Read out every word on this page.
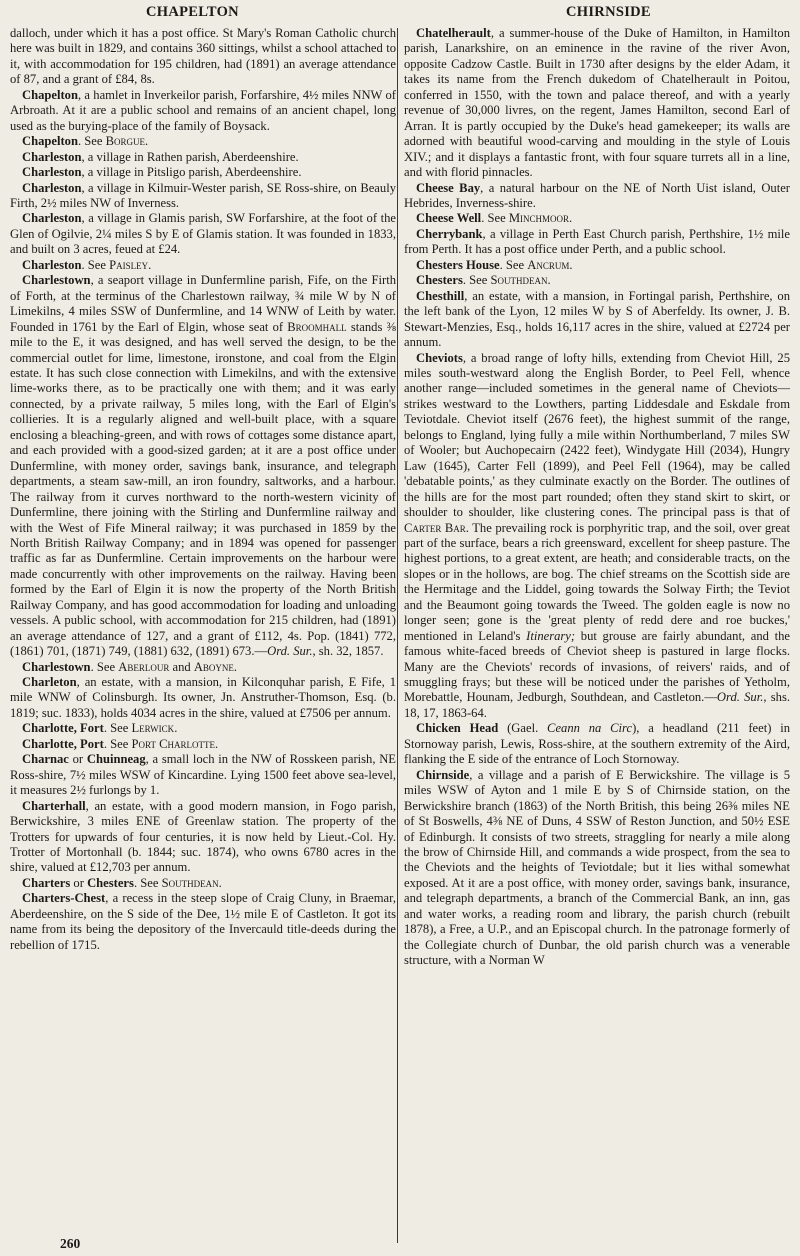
CHAPELTON	CHIRNSIDE

dalloch, under which it has a post office. St Mary's Roman Catholic church here was built in 1829, and contains 360 sittings, whilst a school attached to it, with accommodation for 195 children, had (1891) an average attendance of 87, and a grant of £84, 8s.

Chapelton, a hamlet in Inverkeilor parish, Forfarshire, 4½ miles NNW of Arbroath. At it are a public school and remains of an ancient chapel, long used as the burying-place of the family of Boysack.

Chapelton. See Borgue.

Charleston, a village in Rathen parish, Aberdeenshire.

Charleston, a village in Pitsligo parish, Aberdeenshire.

Charleston, a village in Kilmuir-Wester parish, SE Ross-shire, on Beauly Firth, 2½ miles NW of Inverness.

Charleston, a village in Glamis parish, SW Forfarshire, at the foot of the Glen of Ogilvie, 2¼ miles S by E of Glamis station. It was founded in 1833, and built on 3 acres, feued at £24.

Charleston. See Paisley.

Charlestown, a seaport village in Dunfermline parish, Fife, on the Firth of Forth, at the terminus of the Charlestown railway, ¾ mile W by N of Limekilns, 4 miles SSW of Dunfermline, and 14 WNW of Leith by water. Founded in 1761 by the Earl of Elgin, whose seat of Broomhall stands ⅜ mile to the E, it was designed, and has well served the design, to be the commercial outlet for lime, limestone, ironstone, and coal from the Elgin estate. It has such close connection with Limekilns, and with the extensive lime-works there, as to be practically one with them; and it was early connected, by a private railway, 5 miles long, with the Earl of Elgin's collieries. It is a regularly aligned and well-built place, with a square enclosing a bleaching-green, and with rows of cottages some distance apart, and each provided with a good-sized garden; at it are a post office under Dunfermline, with money order, savings bank, insurance, and telegraph departments, a steam saw-mill, an iron foundry, saltworks, and a harbour. The railway from it curves northward to the north-western vicinity of Dunfermline, there joining with the Stirling and Dunfermline railway and with the West of Fife Mineral railway; it was purchased in 1859 by the North British Railway Company; and in 1894 was opened for passenger traffic as far as Dunfermline. Certain improvements on the harbour were made concurrently with other improvements on the railway. Having been formed by the Earl of Elgin it is now the property of the North British Railway Company, and has good accommodation for loading and unloading vessels. A public school, with accommodation for 215 children, had (1891) an average attendance of 127, and a grant of £112, 4s. Pop. (1841) 772, (1861) 701, (1871) 749, (1881) 632, (1891) 673.—Ord. Sur., sh. 32, 1857.

Charlestown. See Aberlour and Aboyne.

Charleton, an estate, with a mansion, in Kilconquhar parish, E Fife, 1 mile WNW of Colinsburgh. Its owner, Jn. Anstruther-Thomson, Esq. (b. 1819; suc. 1833), holds 4034 acres in the shire, valued at £7506 per annum.

Charlotte, Fort. See Lerwick.

Charlotte, Port. See Port Charlotte.

Charnac or Chuinneag, a small loch in the NW of Rosskeen parish, NE Ross-shire, 7½ miles WSW of Kincardine. Lying 1500 feet above sea-level, it measures 2½ furlongs by 1.

Charterhall, an estate, with a good modern mansion, in Fogo parish, Berwickshire, 3 miles ENE of Greenlaw station. The property of the Trotters for upwards of four centuries, it is now held by Lieut.-Col. Hy. Trotter of Mortonhall (b. 1844; suc. 1874), who owns 6780 acres in the shire, valued at £12,703 per annum.

Charters or Chesters. See Southdean.

Charters-Chest, a recess in the steep slope of Craig Cluny, in Braemar, Aberdeenshire, on the S side of the Dee, 1½ mile E of Castleton. It got its name from its being the depository of the Invercauld title-deeds during the rebellion of 1715.

Chatelherault, a summer-house of the Duke of Hamilton, in Hamilton parish, Lanarkshire, on an eminence in the ravine of the river Avon, opposite Cadzow Castle. Built in 1730 after designs by the elder Adam, it takes its name from the French dukedom of Chatelherault in Poitou, conferred in 1550, with the town and palace thereof, and with a yearly revenue of 30,000 livres, on the regent, James Hamilton, second Earl of Arran. It is partly occupied by the Duke's head gamekeeper; its walls are adorned with beautiful wood-carving and moulding in the style of Louis XIV.; and it displays a fantastic front, with four square turrets all in a line, and with florid pinnacles.

Cheese Bay, a natural harbour on the NE of North Uist island, Outer Hebrides, Inverness-shire.

Cheese Well. See Minchmoor.

Cherrybank, a village in Perth East Church parish, Perthshire, 1½ mile from Perth. It has a post office under Perth, and a public school.

Chesters House. See Ancrum.

Chesters. See Southdean.

Chesthill, an estate, with a mansion, in Fortingal parish, Perthshire, on the left bank of the Lyon, 12 miles W by S of Aberfeldy. Its owner, J. B. Stewart-Menzies, Esq., holds 16,117 acres in the shire, valued at £2724 per annum.

Cheviots, a broad range of lofty hills, extending from Cheviot Hill, 25 miles south-westward along the English Border, to Peel Fell, whence another range—included sometimes in the general name of Cheviots—strikes westward to the Lowthers, parting Liddesdale and Eskdale from Teviotdale. Cheviot itself (2676 feet), the highest summit of the range, belongs to England, lying fully a mile within Northumberland, 7 miles SW of Wooler; but Auchopecairn (2422 feet), Windygate Hill (2034), Hungry Law (1645), Carter Fell (1899), and Peel Fell (1964), may be called 'debatable points,' as they culminate exactly on the Border. The outlines of the hills are for the most part rounded; often they stand skirt to skirt, or shoulder to shoulder, like clustering cones. The principal pass is that of Carter Bar. The prevailing rock is porphyritic trap, and the soil, over great part of the surface, bears a rich greensward, excellent for sheep pasture. The highest portions, to a great extent, are heath; and considerable tracts, on the slopes or in the hollows, are bog. The chief streams on the Scottish side are the Hermitage and the Liddel, going towards the Solway Firth; the Teviot and the Beaumont going towards the Tweed. The golden eagle is now no longer seen; gone is the 'great plenty of redd dere and roe buckes,' mentioned in Leland's Itinerary; but grouse are fairly abundant, and the famous white-faced breeds of Cheviot sheep is pastured in large flocks. Many are the Cheviots' records of invasions, of reivers' raids, and of smuggling frays; but these will be noticed under the parishes of Yetholm, Morebattle, Hounam, Jedburgh, Southdean, and Castleton.—Ord. Sur., shs. 18, 17, 1863-64.

Chicken Head (Gael. Ceann na Circ), a headland (211 feet) in Stornoway parish, Lewis, Ross-shire, at the southern extremity of the Aird, flanking the E side of the entrance of Loch Stornoway.

Chirnside, a village and a parish of E Berwickshire. The village is 5 miles WSW of Ayton and 1 mile E by S of Chirnside station, on the Berwickshire branch (1863) of the North British, this being 26⅜ miles NE of St Boswells, 4⅜ NE of Duns, 4 SSW of Reston Junction, and 50½ ESE of Edinburgh. It consists of two streets, straggling for nearly a mile along the brow of Chirnside Hill, and commands a wide prospect, from the sea to the Cheviots and the heights of Teviotdale; but it lies withal somewhat exposed. At it are a post office, with money order, savings bank, insurance, and telegraph departments, a branch of the Commercial Bank, an inn, gas and water works, a reading room and library, the parish church (rebuilt 1878), a Free, a U.P., and an Episcopal church. In the patronage formerly of the Collegiate church of Dunbar, the old parish church was a venerable structure, with a Norman W

260
